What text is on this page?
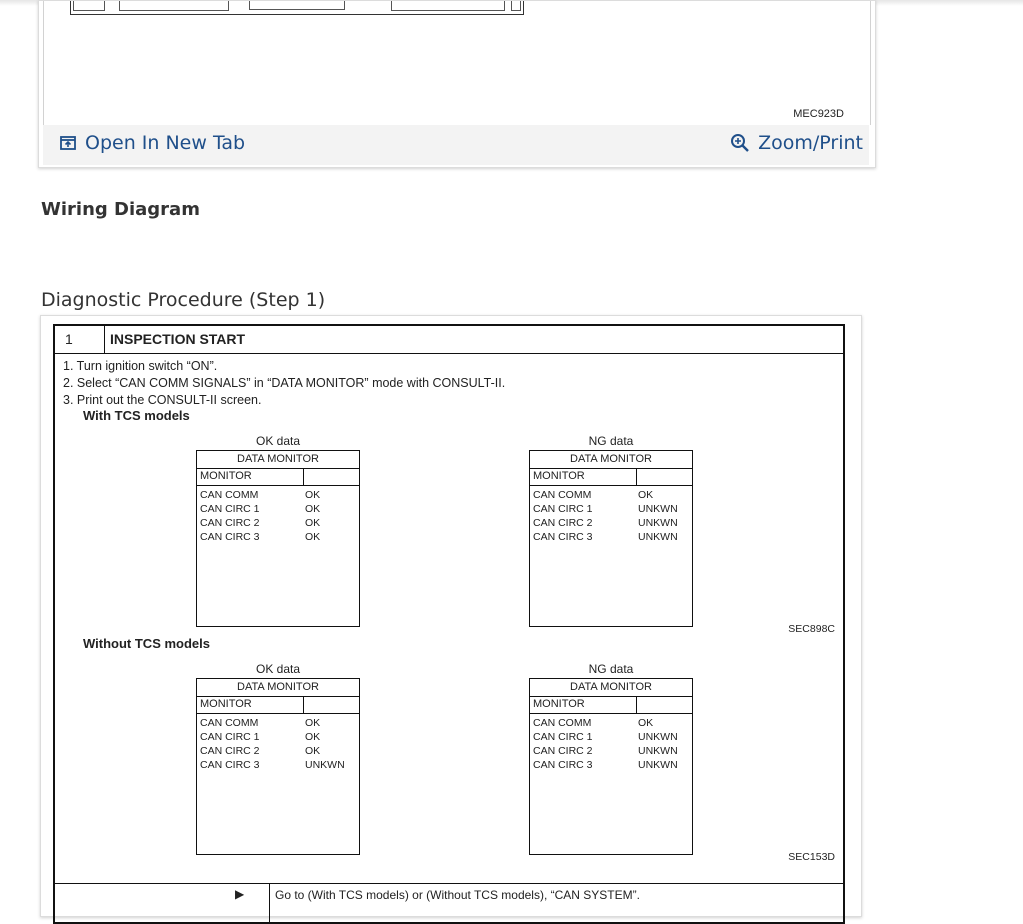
MEC923D
Open In New Tab	Zoom/Print
Wiring Diagram
Diagnostic Procedure (Step 1)
1	INSPECTION START
1. Turn ignition switch “ON”.
2. Select “CAN COMM SIGNALS” in “DATA MONITOR” mode with CONSULT-II.
3. Print out the CONSULT-II screen.
With TCS models
OK data
DATA MONITOR
MONITOR
CAN COMM	OK
CAN CIRC 1	OK
CAN CIRC 2	OK
CAN CIRC 3	OK
NG data
DATA MONITOR
MONITOR
CAN COMM	OK
CAN CIRC 1	UNKWN
CAN CIRC 2	UNKWN
CAN CIRC 3	UNKWN
SEC898C
Without TCS models
OK data
DATA MONITOR
MONITOR
CAN COMM	OK
CAN CIRC 1	OK
CAN CIRC 2	OK
CAN CIRC 3	UNKWN
NG data
DATA MONITOR
MONITOR
CAN COMM	OK
CAN CIRC 1	UNKWN
CAN CIRC 2	UNKWN
CAN CIRC 3	UNKWN
SEC153D
▶	Go to (With TCS models) or (Without TCS models), “CAN SYSTEM”.
